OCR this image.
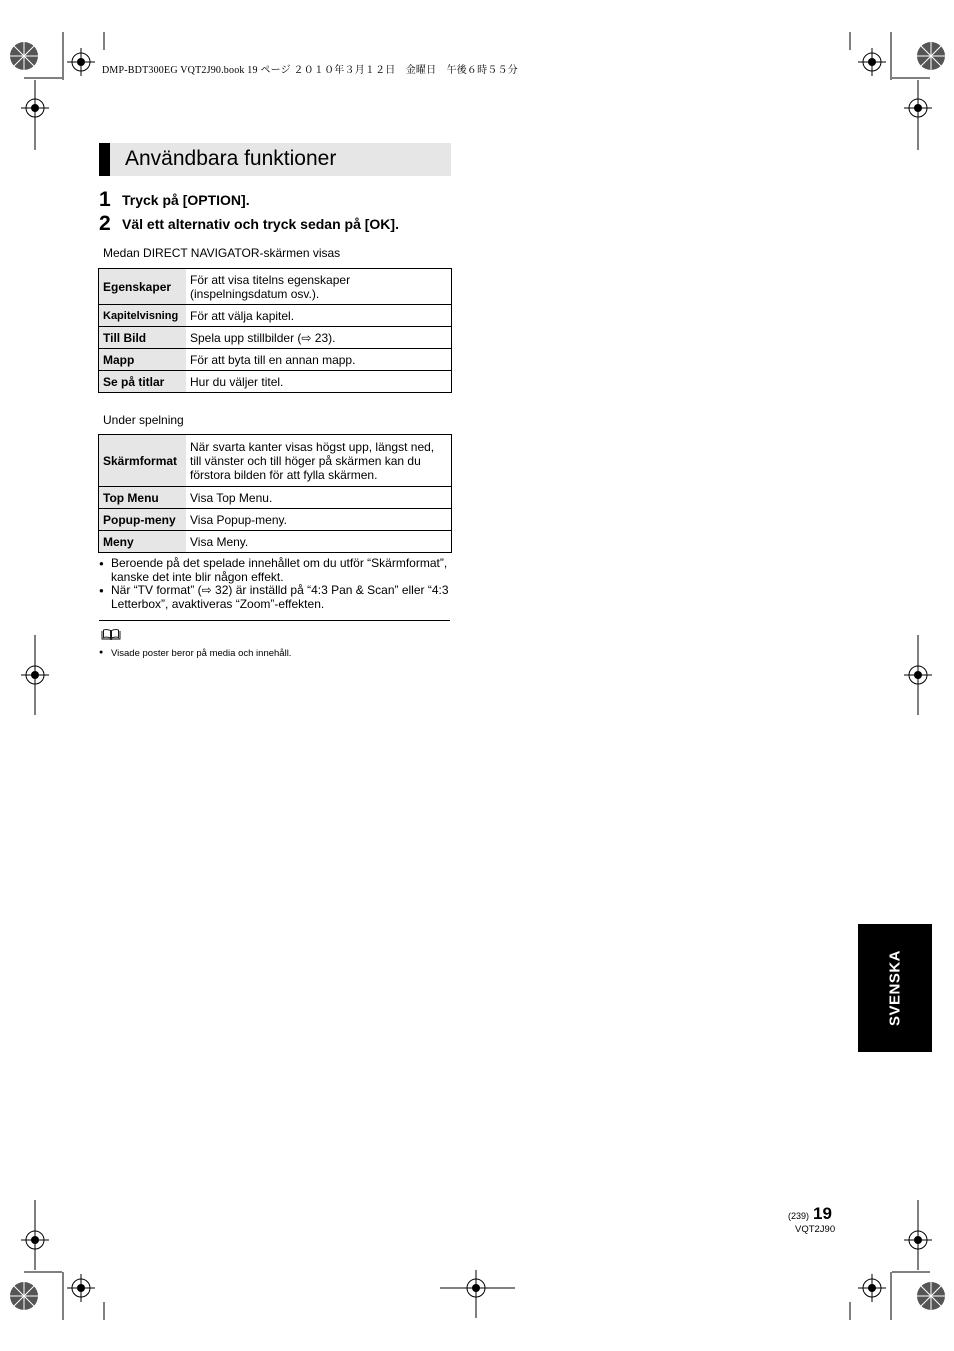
DMP-BDT300EG VQT2J90.book 19 ページ ２０１０年３月１２日　金曜日　午後６時５５分
Användbara funktioner
1 Tryck på [OPTION].
2 Väl ett alternativ och tryck sedan på [OK].
Medan DIRECT NAVIGATOR-skärmen visas
Egenskaper	För att visa titelns egenskaper (inspelningsdatum osv.).
Kapitelvisning	För att välja kapitel.
Till Bild	Spela upp stillbilder (⇨ 23).
Mapp	För att byta till en annan mapp.
Se på titlar	Hur du väljer titel.
Under spelning
Skärmformat	När svarta kanter visas högst upp, längst ned, till vänster och till höger på skärmen kan du förstora bilden för att fylla skärmen.
Top Menu	Visa Top Menu.
Popup-meny	Visa Popup-meny.
Meny	Visa Meny.
● Beroende på det spelade innehållet om du utför “Skärmformat”, kanske det inte blir någon effekt.
● När “TV format” (⇨ 32) är inställd på “4:3 Pan & Scan” eller “4:3 Letterbox”, avaktiveras “Zoom”-effekten.
● Visade poster beror på media och innehåll.
SVENSKA
(239) 19
VQT2J90
